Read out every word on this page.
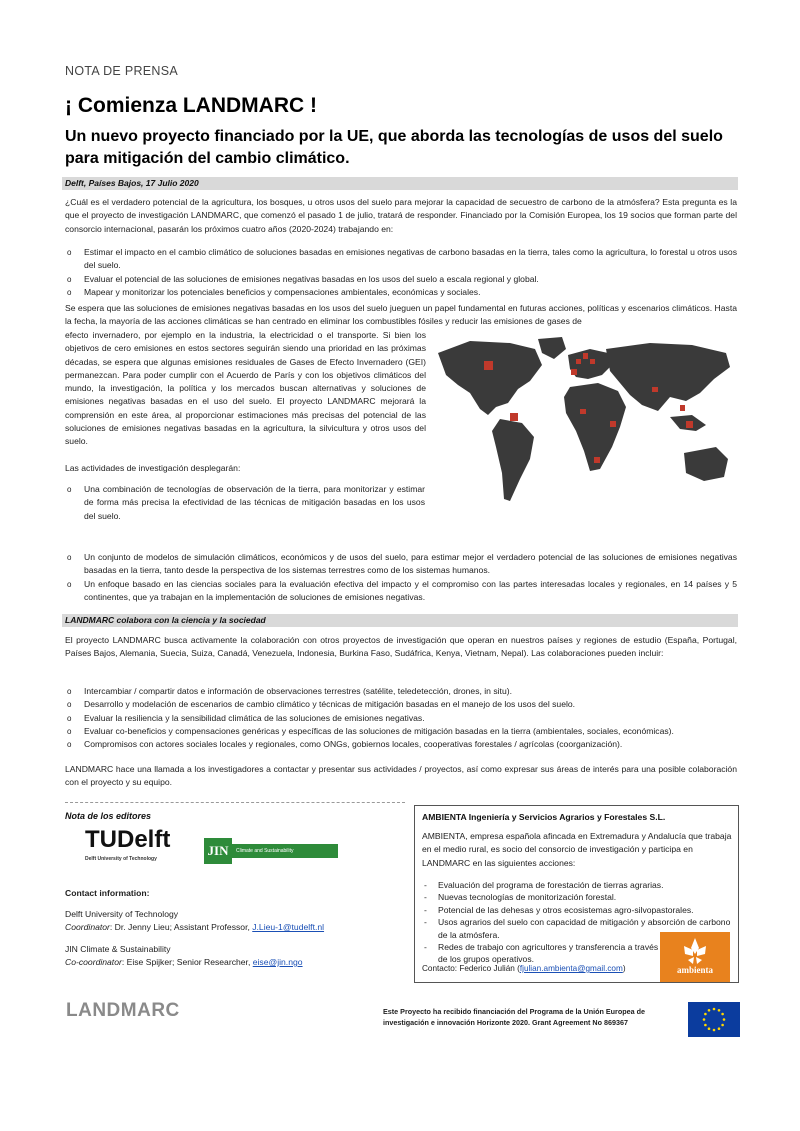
NOTA DE PRENSA
¡ Comienza LANDMARC !
Un nuevo proyecto financiado por la UE, que aborda las tecnologías de usos del suelo para mitigación del cambio climático.
Delft, Países Bajos, 17 Julio 2020
¿Cuál es el verdadero potencial de la agricultura, los bosques, u otros usos del suelo para mejorar la capacidad de secuestro de carbono de la atmósfera? Esta pregunta es la que el proyecto de investigación LANDMARC, que comenzó el pasado 1 de julio, tratará de responder. Financiado por la Comisión Europea, los 19 socios que forman parte del consorcio internacional, pasarán los próximos cuatro años (2020-2024) trabajando en:
o Estimar el impacto en el cambio climático de soluciones basadas en emisiones negativas de carbono basadas en la tierra, tales como la agricultura, lo forestal u otros usos del suelo.
o Evaluar el potencial de las soluciones de emisiones negativas basadas en los usos del suelo a escala regional y global.
o Mapear y monitorizar los potenciales beneficios y compensaciones ambientales, económicas y sociales.
Se espera que las soluciones de emisiones negativas basadas en los usos del suelo jueguen un papel fundamental en futuras acciones, políticas y escenarios climáticos. Hasta la fecha, la mayoría de las acciones climáticas se han centrado en eliminar los combustibles fósiles y reducir las emisiones de gases de
efecto invernadero, por ejemplo en la industria, la electricidad o el transporte. Si bien los objetivos de cero emisiones en estos sectores seguirán siendo una prioridad en las próximas décadas, se espera que algunas emisiones residuales de Gases de Efecto Invernadero (GEI) permanezcan. Para poder cumplir con el Acuerdo de París y con los objetivos climáticos del mundo, la investigación, la política y los mercados buscan alternativas y soluciones de emisiones negativas basadas en el uso del suelo. El proyecto LANDMARC mejorará la comprensión en este área, al proporcionar estimaciones más precisas del potencial de las soluciones de emisiones negativas basadas en la agricultura, la silvicultura y otros usos del suelo.
Las actividades de investigación desplegarán:
o Una combinación de tecnologías de observación de la tierra, para monitorizar y estimar de forma más precisa la efectividad de las técnicas de mitigación basadas en los usos del suelo.
o Un conjunto de modelos de simulación climáticos, económicos y de usos del suelo, para estimar mejor el verdadero potencial de las soluciones de emisiones negativas basadas en la tierra, tanto desde la perspectiva de los sistemas terrestres como de los sistemas humanos.
o Un enfoque basado en las ciencias sociales para la evaluación efectiva del impacto y el compromiso con las partes interesadas locales y regionales, en 14 países y 5 continentes, que ya trabajan en la implementación de soluciones de emisiones negativas.
LANDMARC colabora con la ciencia y la sociedad
El proyecto LANDMARC busca activamente la colaboración con otros proyectos de investigación que operan en nuestros países y regiones de estudio (España, Portugal, Países Bajos, Alemania, Suecia, Suiza, Canadá, Venezuela, Indonesia, Burkina Faso, Sudáfrica, Kenya, Vietnam, Nepal). Las colaboraciones pueden incluir:
o Intercambiar / compartir datos e información de observaciones terrestres (satélite, teledetección, drones, in situ).
o Desarrollo y modelación de escenarios de cambio climático y técnicas de mitigación basadas en el manejo de los usos del suelo.
o Evaluar la resiliencia y la sensibilidad climática de las soluciones de emisiones negativas.
o Evaluar co-beneficios y compensaciones genéricas y específicas de las soluciones de mitigación basadas en la tierra (ambientales, sociales, económicas).
o Compromisos con actores sociales locales y regionales, como ONGs, gobiernos locales, cooperativas forestales / agrícolas (coorganización).
LANDMARC hace una llamada a los investigadores a contactar y presentar sus actividades / proyectos, así como expresar sus áreas de interés para una posible colaboración con el proyecto y su equipo.
Nota de los editores
TUDelft
Delft University of Technology
JIN	Climate and Sustainability
Contact information:
Delft University of Technology
Coordinator: Dr. Jenny Lieu; Assistant Professor, J.Lieu-1@tudelft.nl
JIN Climate & Sustainability
Co-coordinator: Eise Spijker; Senior Researcher, eise@jin.ngo
AMBIENTA Ingeniería y Servicios Agrarios y Forestales S.L.
AMBIENTA, empresa española afincada en Extremadura y Andalucía que trabaja en el medio rural, es socio del consorcio de investigación y participa en LANDMARC en las siguientes acciones:
- Evaluación del programa de forestación de tierras agrarias.
- Nuevas tecnologías de monitorización forestal.
- Potencial de las dehesas y otros ecosistemas agro-silvopastorales.
- Usos agrarios del suelo con capacidad de mitigación y absorción de carbono de la atmósfera.
- Redes de trabajo con agricultores y transferencia a través de los grupos operativos.
Contacto: Federico Julián (fjulian.ambienta@gmail.com)	ambienta
LANDMARC	Este Proyecto ha recibido financiación del Programa de la Unión Europea de investigación e innovación Horizonte 2020. Grant Agreement No 869367
